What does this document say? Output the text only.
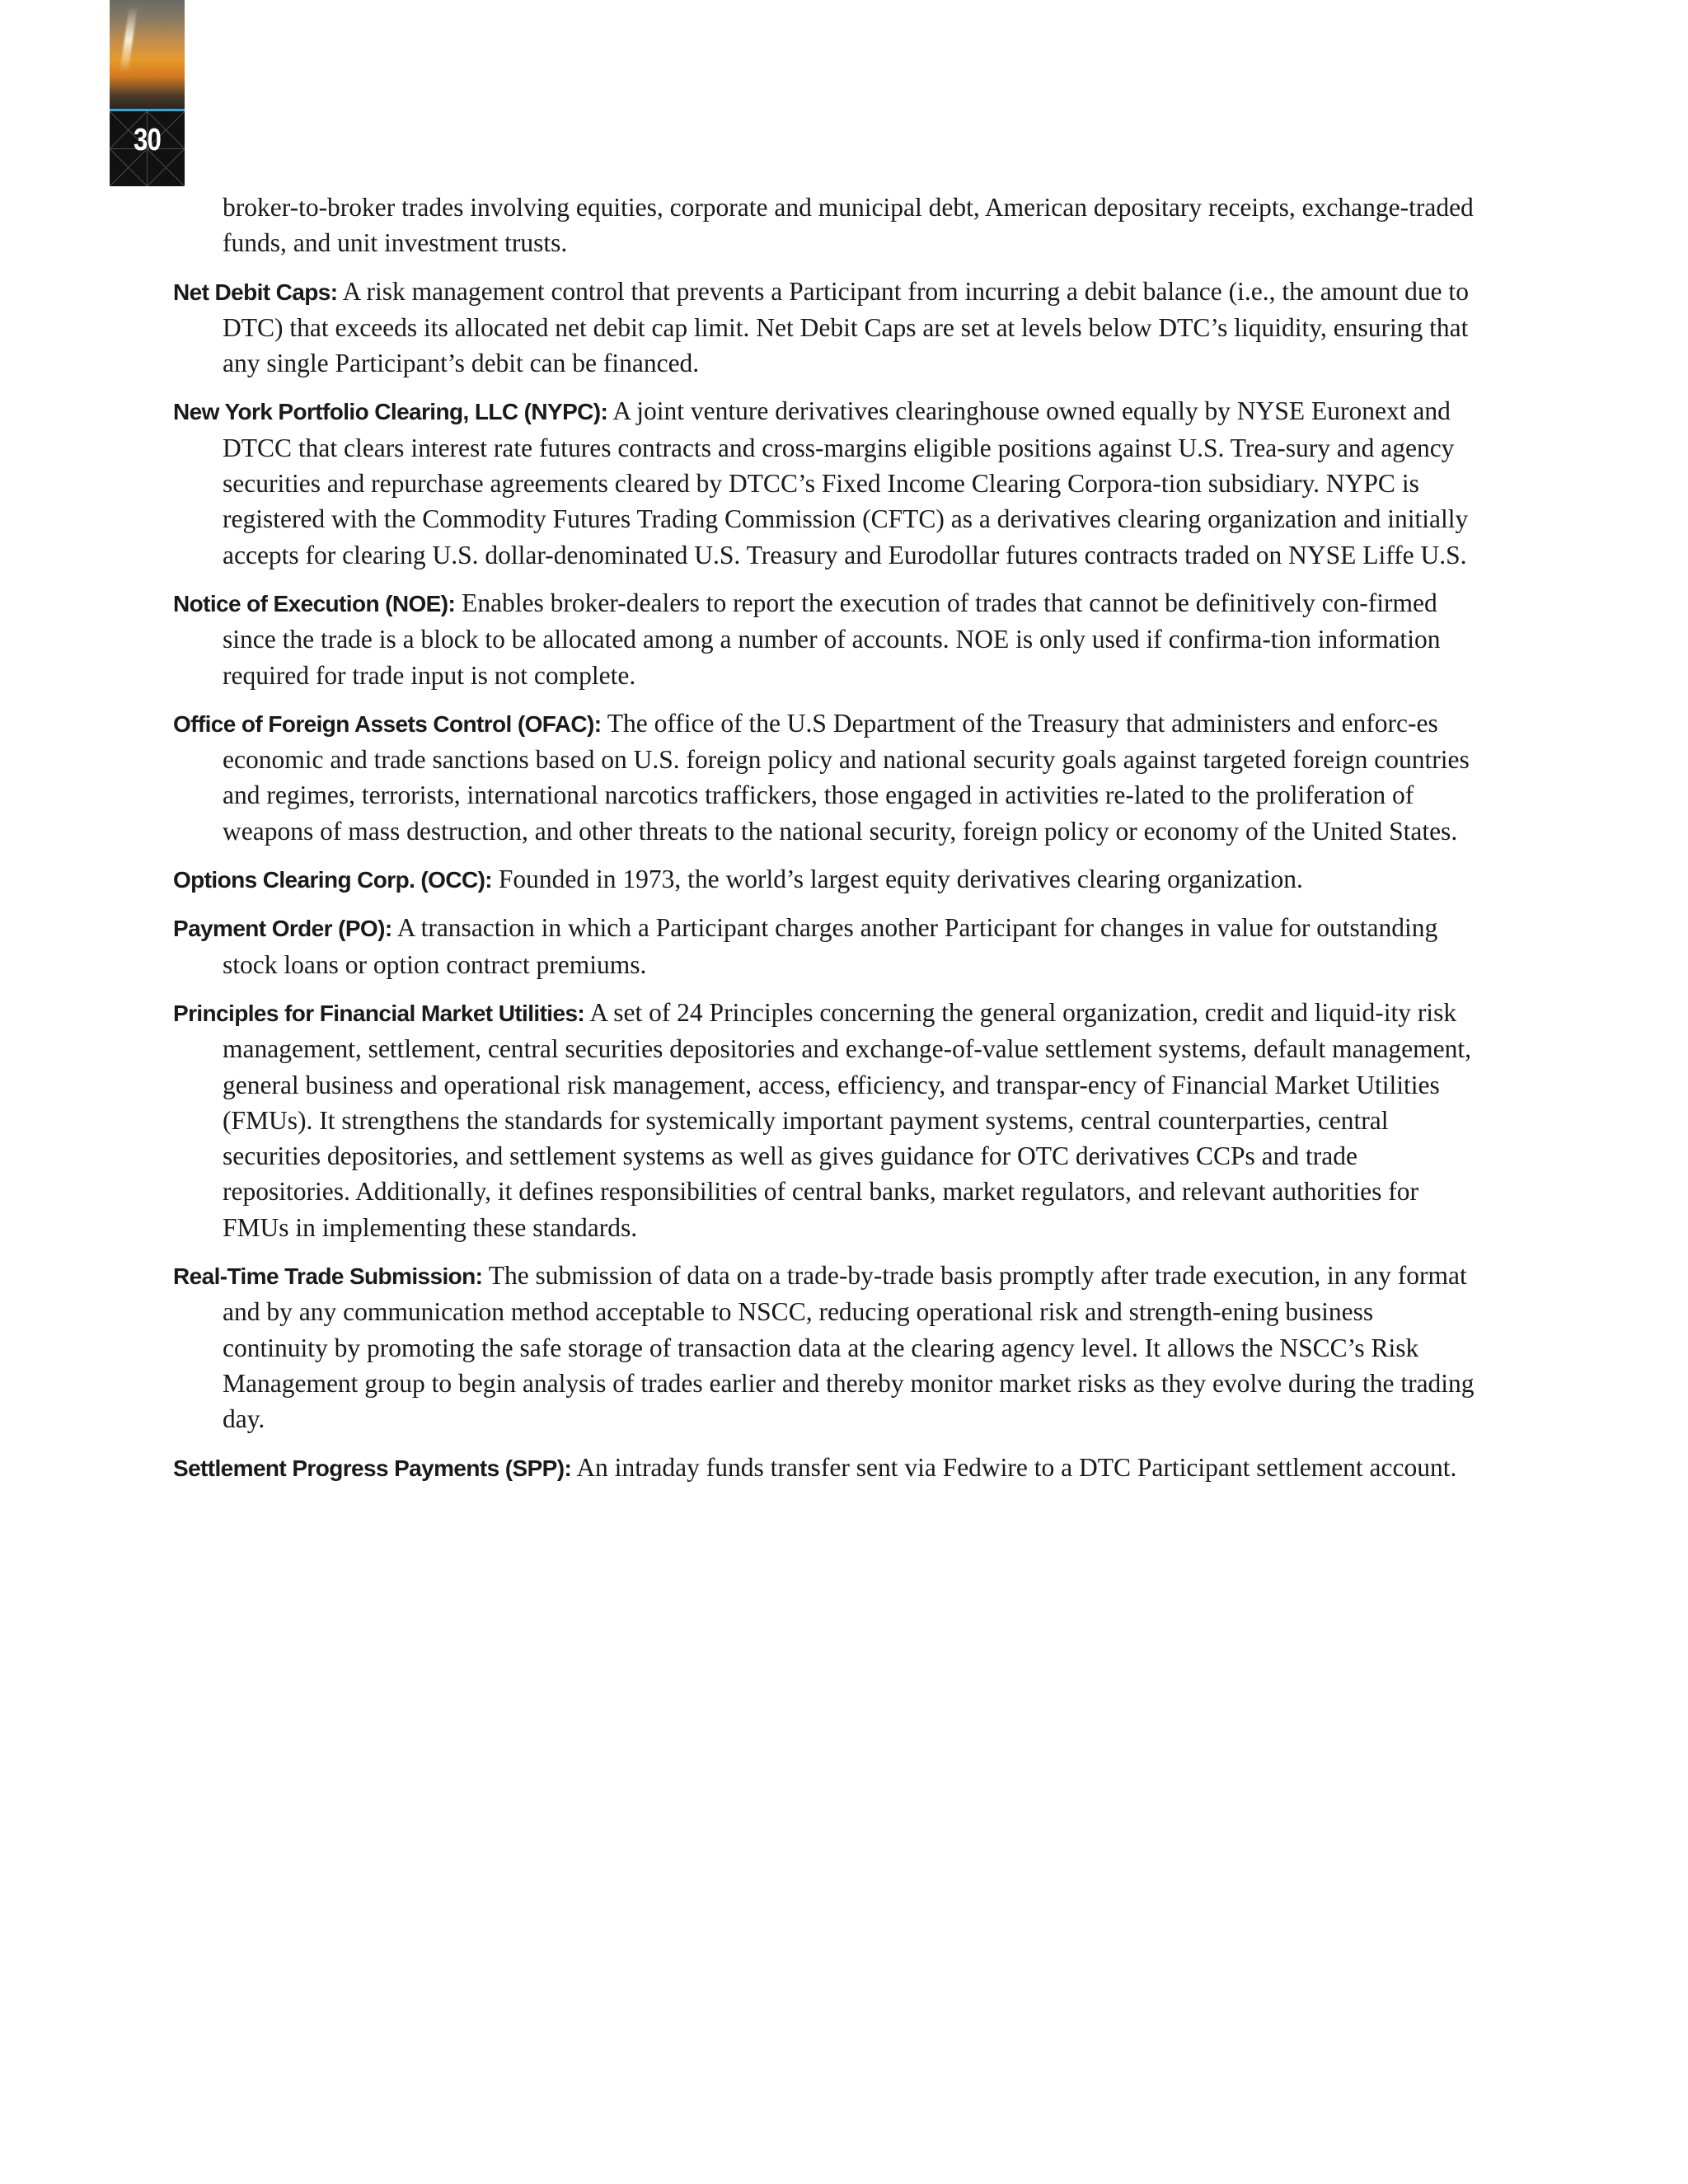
30

broker-to-broker trades involving equities, corporate and municipal debt, American depositary receipts, exchange-traded funds, and unit investment trusts.

Net Debit Caps: A risk management control that prevents a Participant from incurring a debit balance (i.e., the amount due to DTC) that exceeds its allocated net debit cap limit. Net Debit Caps are set at levels below DTC’s liquidity, ensuring that any single Participant’s debit can be financed.

New York Portfolio Clearing, LLC (NYPC): A joint venture derivatives clearinghouse owned equally by NYSE Euronext and DTCC that clears interest rate futures contracts and cross-margins eligible positions against U.S. Trea-sury and agency securities and repurchase agreements cleared by DTCC’s Fixed Income Clearing Corpora-tion subsidiary. NYPC is registered with the Commodity Futures Trading Commission (CFTC) as a derivatives clearing organization and initially accepts for clearing U.S. dollar-denominated U.S. Treasury and Eurodollar futures contracts traded on NYSE Liffe U.S.

Notice of Execution (NOE): Enables broker-dealers to report the execution of trades that cannot be definitively con-firmed since the trade is a block to be allocated among a number of accounts. NOE is only used if confirma-tion information required for trade input is not complete.

Office of Foreign Assets Control (OFAC): The office of the U.S Department of the Treasury that administers and enforc-es economic and trade sanctions based on U.S. foreign policy and national security goals against targeted foreign countries and regimes, terrorists, international narcotics traffickers, those engaged in activities re-lated to the proliferation of weapons of mass destruction, and other threats to the national security, foreign policy or economy of the United States.

Options Clearing Corp. (OCC): Founded in 1973, the world’s largest equity derivatives clearing organization.

Payment Order (PO): A transaction in which a Participant charges another Participant for changes in value for outstanding stock loans or option contract premiums.

Principles for Financial Market Utilities: A set of 24 Principles concerning the general organization, credit and liquid-ity risk management, settlement, central securities depositories and exchange-of-value settlement systems, default management, general business and operational risk management, access, efficiency, and transpar-ency of Financial Market Utilities (FMUs). It strengthens the standards for systemically important payment systems, central counterparties, central securities depositories, and settlement systems as well as gives guidance for OTC derivatives CCPs and trade repositories. Additionally, it defines responsibilities of central banks, market regulators, and relevant authorities for FMUs in implementing these standards.

Real-Time Trade Submission: The submission of data on a trade-by-trade basis promptly after trade execution, in any format and by any communication method acceptable to NSCC, reducing operational risk and strength-ening business continuity by promoting the safe storage of transaction data at the clearing agency level. It allows the NSCC’s Risk Management group to begin analysis of trades earlier and thereby monitor market risks as they evolve during the trading day.

Settlement Progress Payments (SPP): An intraday funds transfer sent via Fedwire to a DTC Participant settlement account.
